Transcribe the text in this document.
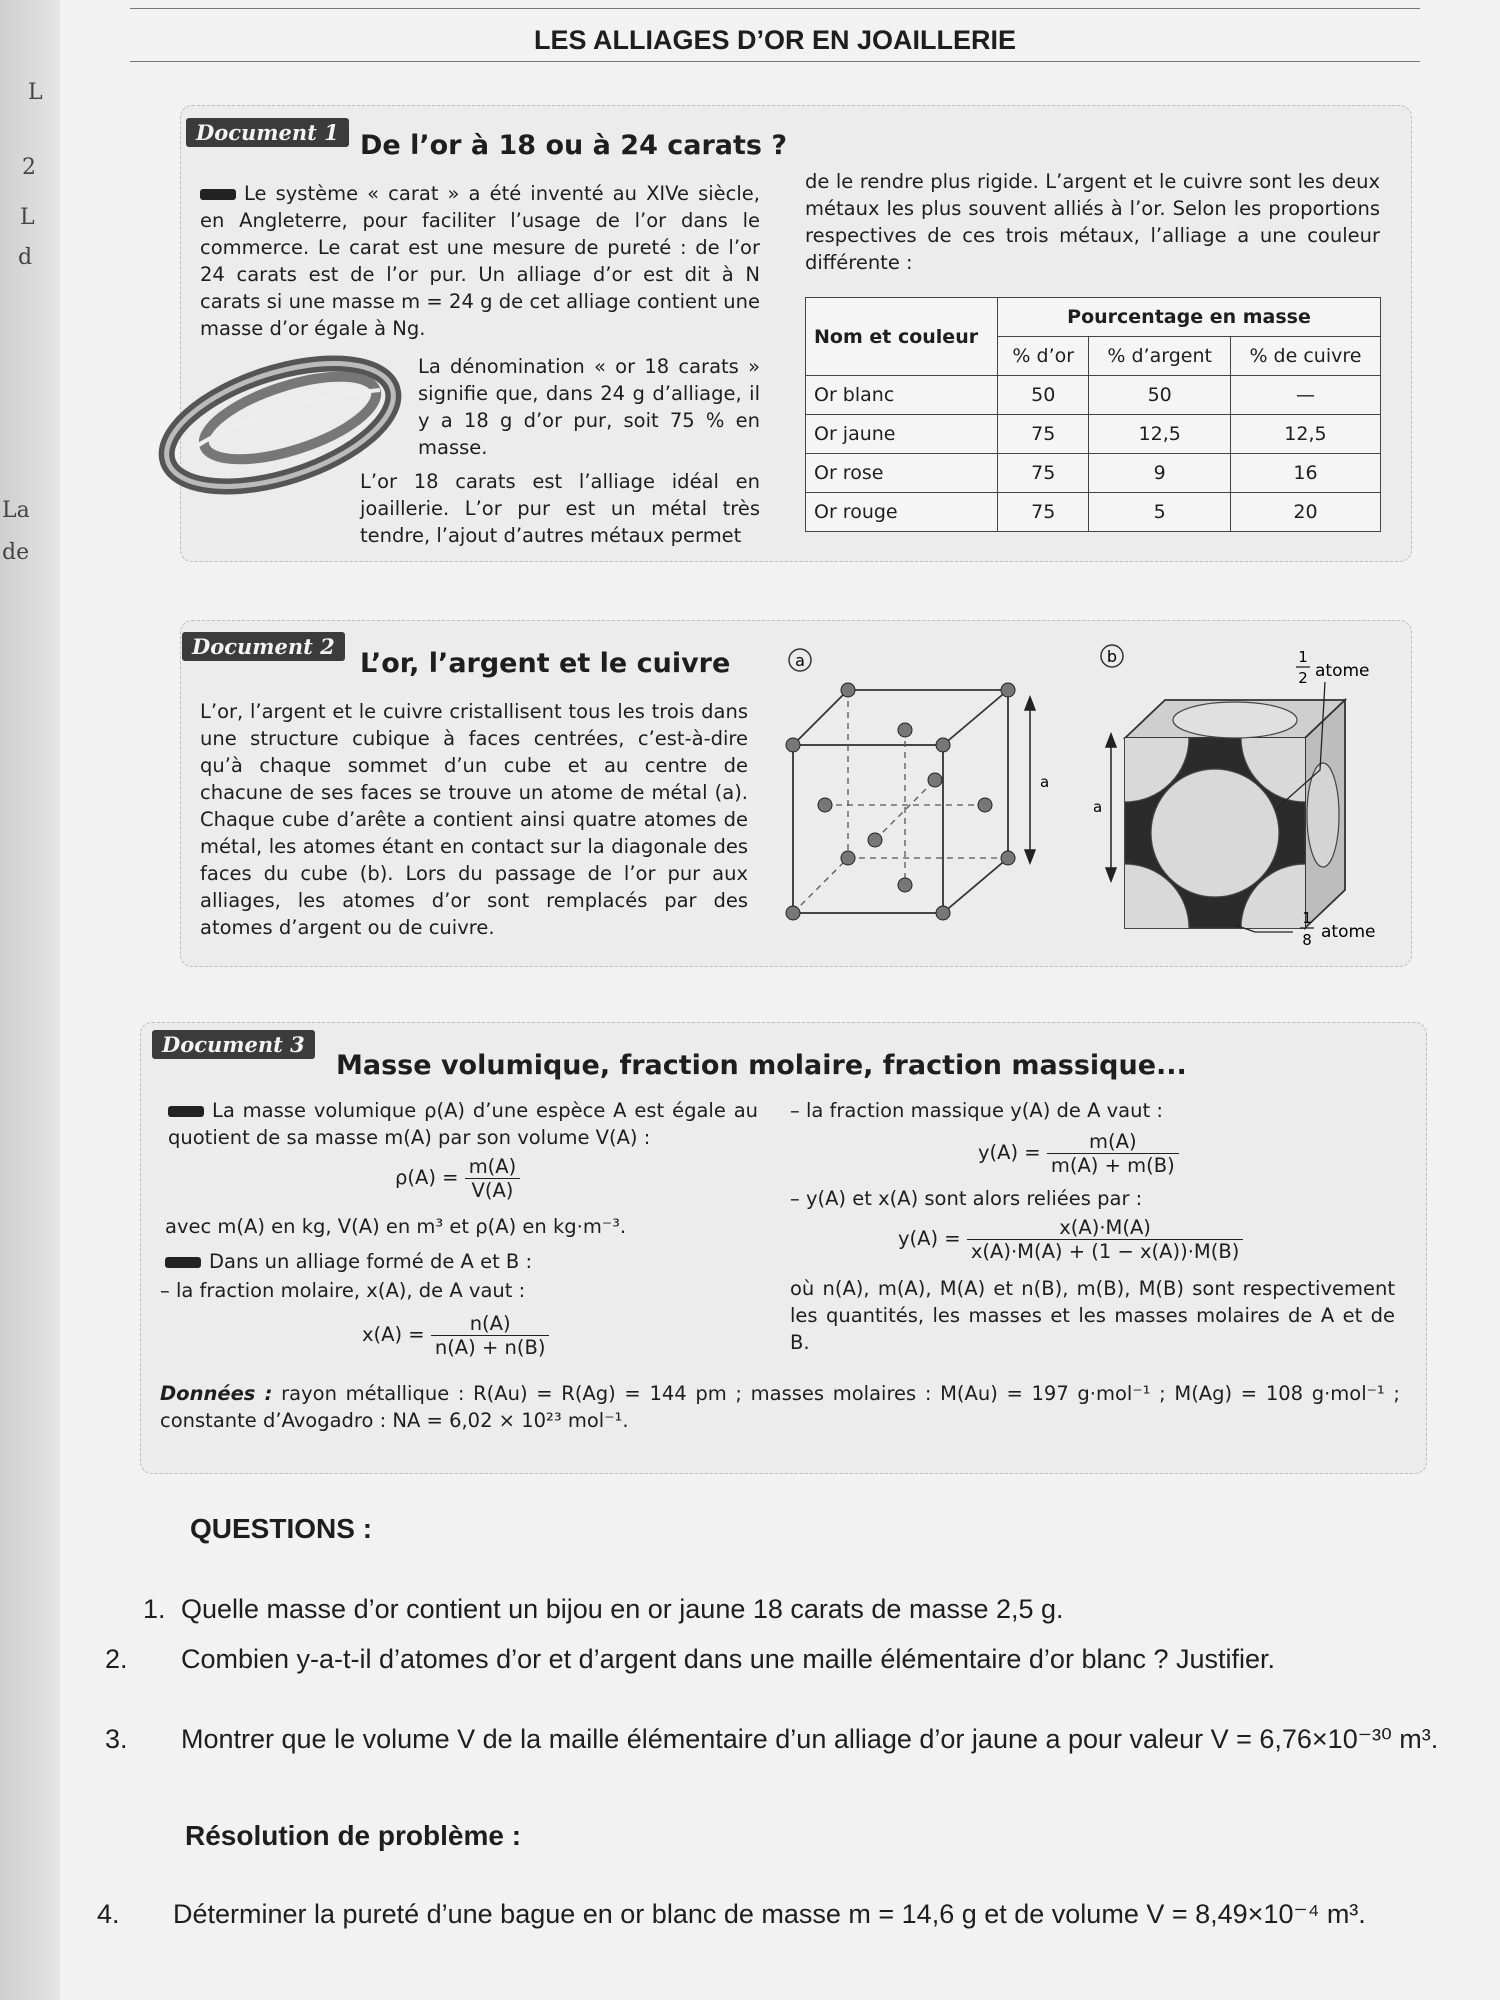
L
2
L
d
La
de
LES ALLIAGES D’OR EN JOAILLERIE
Document 1 De l’or à 18 ou à 24 carats ?

Le système « carat » a été inventé au XIVe siècle, en Angleterre, pour faciliter l’usage de l’or dans le commerce. Le carat est une mesure de pureté : de l’or 24 carats est de l’or pur. Un alliage d’or est dit à N carats si une masse m = 24 g de cet alliage contient une masse d’or égale à Ng.

La dénomination « or 18 carats » signifie que, dans 24 g d’alliage, il y a 18 g d’or pur, soit 75 % en masse.

L’or 18 carats est l’alliage idéal en joaillerie. L’or pur est un métal très tendre, l’ajout d’autres métaux permet

de le rendre plus rigide. L’argent et le cuivre sont les deux métaux les plus souvent alliés à l’or. Selon les proportions respectives de ces trois métaux, l’alliage a une couleur différente :

Nom et couleur	Pourcentage en masse		
	% d’or	% d’argent	% de cuivre
Or blanc	50	50	—
Or jaune	75	12,5	12,5
Or rose	75	9	16
Or rouge	75	5	20
Document 2
L’or, l’argent et le cuivre
L’or, l’argent et le cuivre cristallisent tous les trois dans une structure cubique à faces centrées, c’est-à-dire qu’à chaque sommet d’un cube et au centre de chacune de ses faces se trouve un atome de métal (a). Chaque cube d’arête a contient ainsi quatre atomes de métal, les atomes étant en contact sur la diagonale des faces du cube (b). Lors du passage de l’or pur aux alliages, les atomes d’or sont remplacés par des atomes d’argent ou de cuivre.
a
a
b	1
2 atome
a
1
8 atome
Document 3
Masse volumique, fraction molaire, fraction massique...

La masse volumique ρ(A) d’une espèce A est égale au quotient de sa masse m(A) par son volume V(A) :

$\rho(A) = \frac{m(A)}{V(A)}$
avec m(A) en kg, V(A) en m³ et ρ(A) en kg·m⁻³.

Dans un alliage formé de A et B :

– la fraction molaire, x(A), de A vaut :
$x(A) = \frac{n(A)}{n(A) + n(B)}$
– la fraction massique y(A) de A vaut :
$y(A) = \frac{m(A)}{m(A) + m(B)}$
– y(A) et x(A) sont alors reliées par :
$y(A) = \frac{x(A)\cdot M(A)}{x(A)\cdot M(A) + (1 - x(A))\cdot M(B)}$
où n(A), m(A), M(A) et n(B), m(B), M(B) sont respectivement les quantités, les masses et les masses molaires de A et de B.

Données : rayon métallique : R(Au) = R(Ag) = 144 pm ; masses molaires : M(Au) = 197 g·mol⁻¹ ; M(Ag) = 108 g·mol⁻¹ ; constante d’Avogadro : NA = 6,02 × 10²³ mol⁻¹.

QUESTIONS :
1. Quelle masse d’or contient un bijou en or jaune 18 carats de masse 2,5 g.
2. Combien y-a-t-il d’atomes d’or et d’argent dans une maille élémentaire d’or blanc ? Justifier.
3. Montrer que le volume V de la maille élémentaire d’un alliage d’or jaune a pour valeur V = 6,76×10⁻³⁰ m³.
Résolution de problème :
4. Déterminer la pureté d’une bague en or blanc de masse m = 14,6 g et de volume V = 8,49×10⁻⁴ m³.
